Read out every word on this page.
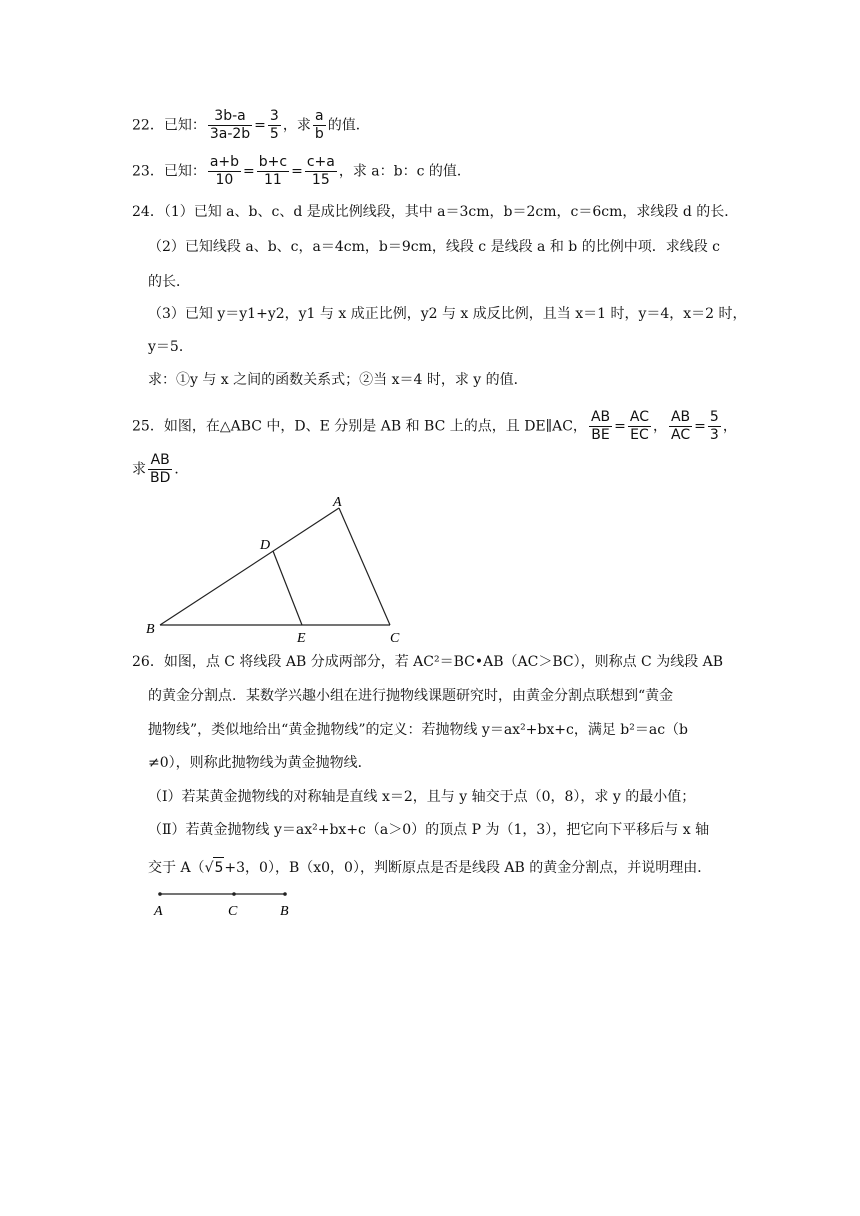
22．已知： $\frac{3b-a}{3a-2b} = \frac{3}{5}$ ，求 $\frac{a}{b}$ 的值．
23．已知： $\frac{a+b}{10} = \frac{b+c}{11} = \frac{c+a}{15}$ ，求 a：b：c 的值．
24．（1）已知 a、b、c、d 是成比例线段，其中 a＝3cm，b＝2cm，c＝6cm，求线段 d 的长．
（2）已知线段 a、b、c，a＝4cm，b＝9cm，线段 c 是线段 a 和 b 的比例中项．求线段 c
的长．
（3）已知 y＝y1+y2，y1 与 x 成正比例，y2 与 x 成反比例，且当 x＝1 时，y＝4，x＝2 时，
y＝5．
求：①y 与 x 之间的函数关系式；②当 x＝4 时，求 y 的值．
25．如图，在△ABC 中，D、E 分别是 AB 和 BC 上的点，且 DE∥AC， $\frac{AB}{BE} = \frac{AC}{EC}$ ， $\frac{AB}{AC} = \frac{5}{3}$ ，
求 $\frac{AB}{BD}$ ．
A
D
B
E	C
26．如图，点 C 将线段 AB 分成两部分，若 AC²＝BC•AB（AC＞BC），则称点 C 为线段 AB
的黄金分割点．某数学兴趣小组在进行抛物线课题研究时，由黄金分割点联想到“黄金
抛物线”，类似地给出“黄金抛物线”的定义：若抛物线 y＝ax²+bx+c，满足 b²＝ac（b
≠0），则称此抛物线为黄金抛物线．
（Ⅰ）若某黄金抛物线的对称轴是直线 x＝2，且与 y 轴交于点（0，8），求 y 的最小值；
（Ⅱ）若黄金抛物线 y＝ax²+bx+c（a＞0）的顶点 P 为（1，3），把它向下平移后与 x 轴
交于 A（√5+3，0），B（x0，0），判断原点是否是线段 AB 的黄金分割点，并说明理由．
A	C	B
